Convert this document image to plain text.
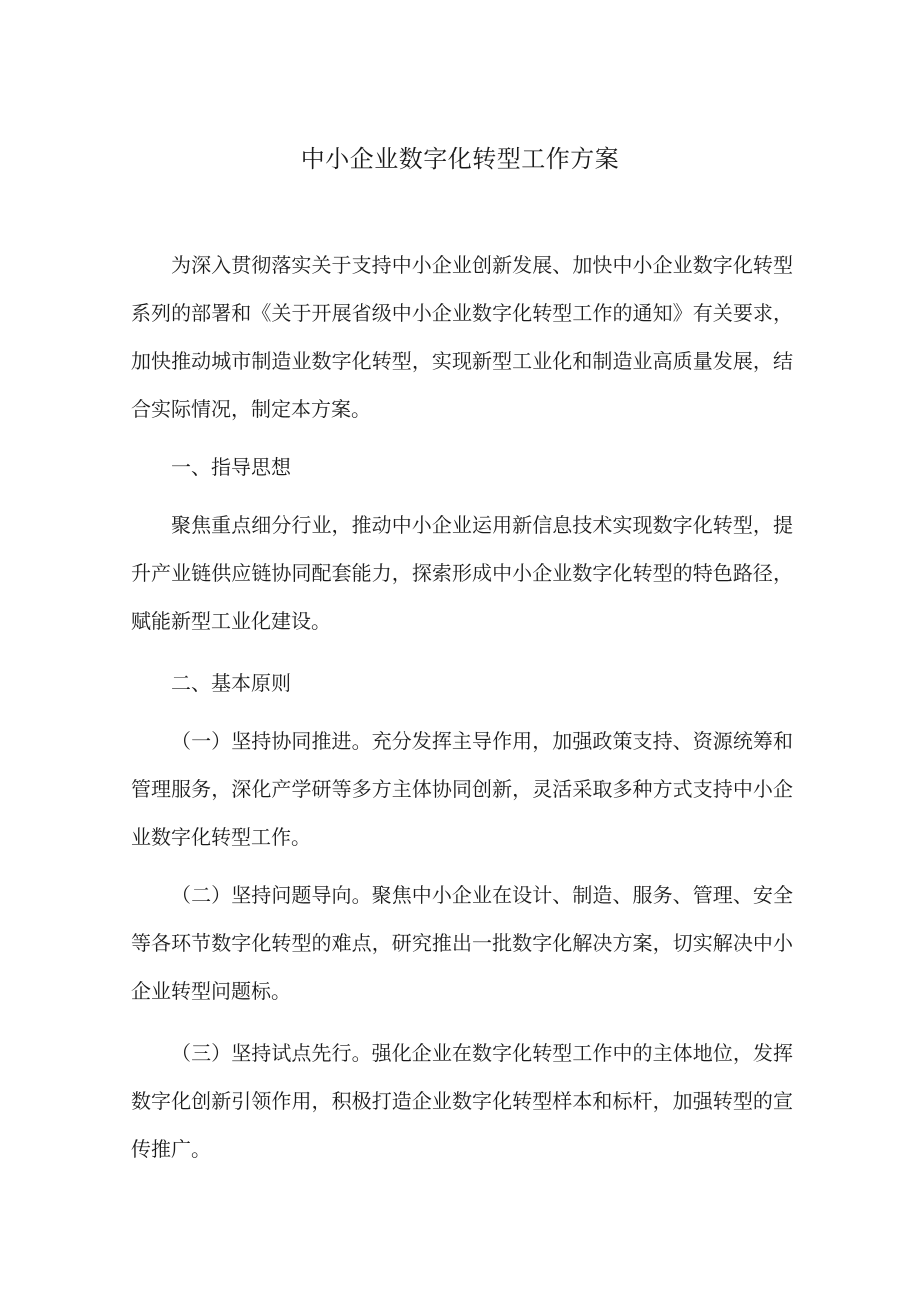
中小企业数字化转型工作方案

为深入贯彻落实关于支持中小企业创新发展、加快中小企业数字化转型系列的部署和《关于开展省级中小企业数字化转型工作的通知》有关要求，加快推动城市制造业数字化转型，实现新型工业化和制造业高质量发展，结合实际情况，制定本方案。

一、指导思想

聚焦重点细分行业，推动中小企业运用新信息技术实现数字化转型，提升产业链供应链协同配套能力，探索形成中小企业数字化转型的特色路径，赋能新型工业化建设。

二、基本原则

（一）坚持协同推进。充分发挥主导作用，加强政策支持、资源统筹和管理服务，深化产学研等多方主体协同创新，灵活采取多种方式支持中小企业数字化转型工作。

（二）坚持问题导向。聚焦中小企业在设计、制造、服务、管理、安全等各环节数字化转型的难点，研究推出一批数字化解决方案，切实解决中小企业转型问题标。

（三）坚持试点先行。强化企业在数字化转型工作中的主体地位，发挥数字化创新引领作用，积极打造企业数字化转型样本和标杆，加强转型的宣传推广。
